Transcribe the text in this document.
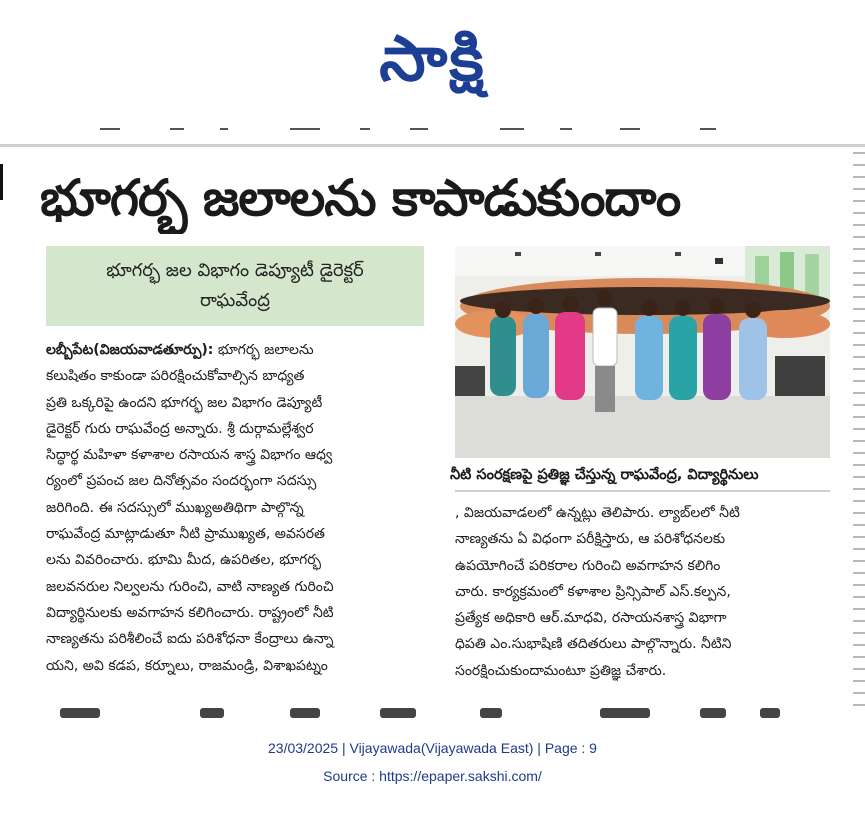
సాక్షి
భూగర్భ జలాలను కాపాడుకుందాం
భూగర్భ జల విభాగం డెప్యూటీ డైరెక్టర్
రాఘవేంద్ర

లబ్బీపేట(విజయవాడతూర్పు): భూగర్భ జలాలను

కలుషితం కాకుండా పరిరక్షించుకోవాల్సిన బాధ్యత

ప్రతి ఒక్కరిపై ఉందని భూగర్భ జల విభాగం డెప్యూటీ

డైరెక్టర్ గురు రాఘవేంద్ర అన్నారు. శ్రీ దుర్గామల్లేశ్వర

సిద్ధార్థ మహిళా కళాశాల రసాయన శాస్త్ర విభాగం ఆధ్వ

ర్యంలో ప్రపంచ జల దినోత్సవం సందర్భంగా సదస్సు

జరిగింది. ఈ సదస్సులో ముఖ్యఅతిథిగా పాల్గొన్న

రాఘవేంద్ర మాట్లాడుతూ నీటి ప్రాముఖ్యత, అవసరత

లను వివరించారు. భూమి మీద, ఉపరితల, భూగర్భ

జలవనరుల నిల్వలను గురించి, వాటి నాణ్యత గురించి

విద్యార్థినులకు అవగాహన కలిగించారు. రాష్ట్రంలో నీటి

నాణ్యతను పరిశీలించే ఐదు పరిశోధనా కేంద్రాలు ఉన్నా

యని, అవి కడప, కర్నూలు, రాజమండ్రి, విశాఖపట్నం

నీటి సంరక్షణపై ప్రతిజ్ఞ చేస్తున్న రాఘవేంద్ర, విద్యార్థినులు

, విజయవాడలలో ఉన్నట్లు తెలిపారు. ల్యాబ్‌లలో నీటి

నాణ్యతను ఏ విధంగా పరీక్షిస్తారు, ఆ పరిశోధనలకు

ఉపయోగించే పరికరాల గురించి అవగాహన కలిగిం

చారు. కార్యక్రమంలో కళాశాల ప్రిన్సిపాల్ ఎస్.కల్పన,

ప్రత్యేక అధికారి ఆర్.మాధవి, రసాయనశాస్త్ర విభాగా

ధిపతి ఎం.సుభాషిణి తదితరులు పాల్గొన్నారు. నీటిని

సంరక్షించుకుందామంటూ ప్రతిజ్ఞ చేశారు.

23/03/2025 | Vijayawada(Vijayawada East) | Page : 9
Source : https://epaper.sakshi.com/
